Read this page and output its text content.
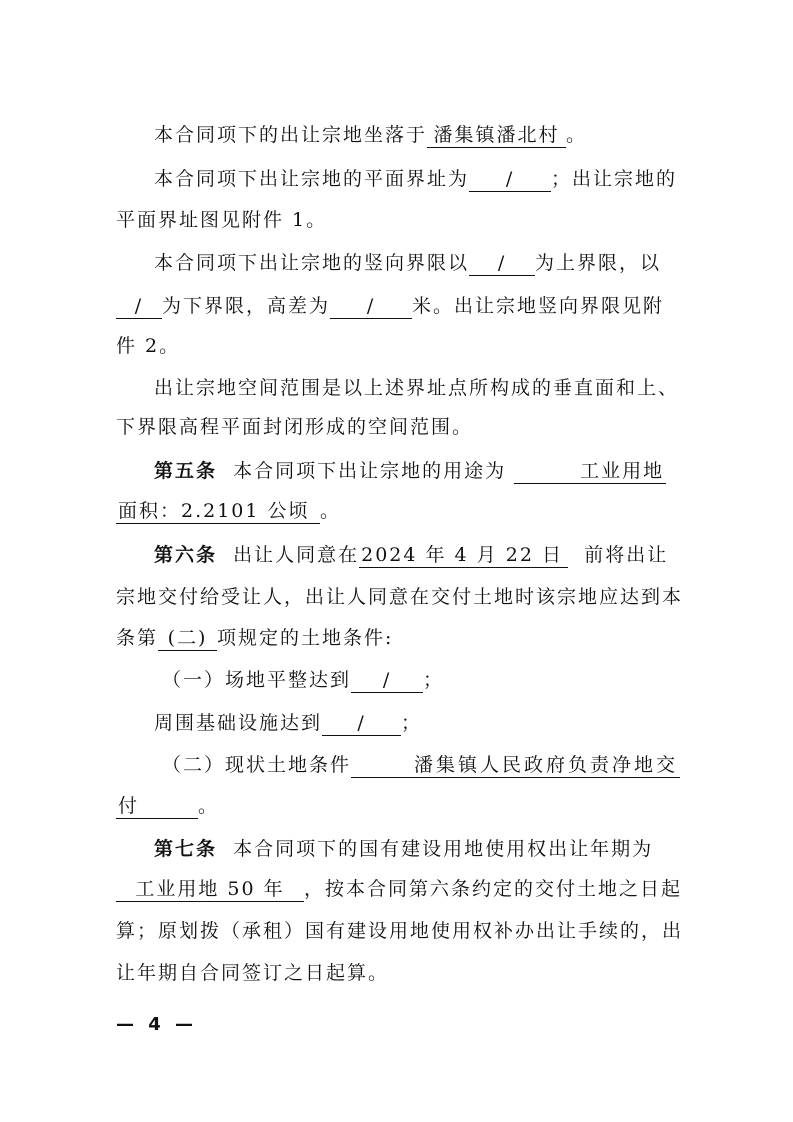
本合同项下的出让宗地坐落于 潘集镇潘北村 。
本合同项下出让宗地的平面界址为 / ；出让宗地的
平面界址图见附件 1。
本合同项下出让宗地的竖向界限以 / 为上界限，以
/ 为下界限，高差为 / 米。出让宗地竖向界限见附
件 2。
出让宗地空间范围是以上述界址点所构成的垂直面和上、
下界限高程平面封闭形成的空间范围。
第五条 本合同项下出让宗地的用途为	工业用地
面积：2.2101 公顷 。
第六条 出让人同意在 2024 年 4 月 22 日 前将出让
宗地交付给受让人，出让人同意在交付土地时该宗地应达到本
条第 (二) 项规定的土地条件:
（一）场地平整达到 / ；
周围基础设施达到 / ；
（二）现状土地条件	潘集镇人民政府负责净地交
付	。
第七条 本合同项下的国有建设用地使用权出让年期为
工业用地 50 年 ，按本合同第六条约定的交付土地之日起
算；原划拨（承租）国有建设用地使用权补办出让手续的，出
让年期自合同签订之日起算。
— 4 —
